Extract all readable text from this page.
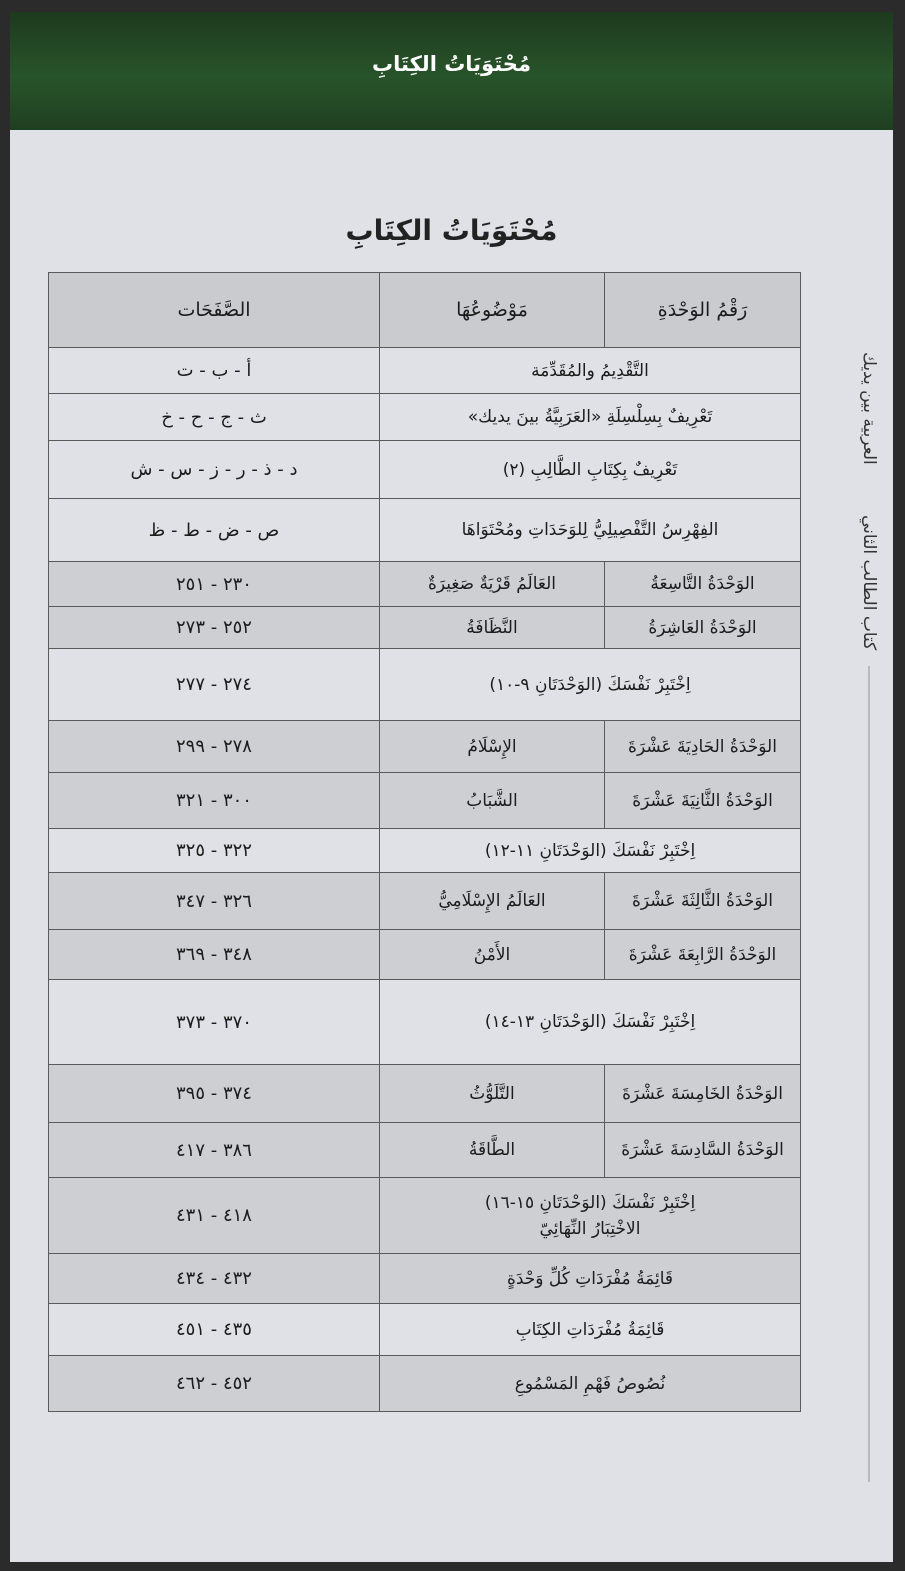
مُحْتَوَيَاتُ الكِتَابِ
مُحْتَوَيَاتُ الكِتَابِ
العربية بين يديك
كتاب الطالب الثاني
رَقْمُ الوَحْدَةِ	مَوْضُوعُهَا	الصَّفَحَات
التَّقْدِيمُ والمُقَدِّمَة		أ - ب - ت
تَعْرِيفٌ بِسِلْسِلَةِ «العَرَبِيَّةُ بينَ يديك»		ث - ج - ح - خ
تَعْرِيفٌ بِكِتَابِ الطَّالِبِ (٢)		د - ذ - ر - ز - س - ش
الفِهْرِسُ التَّفْصِيلِيُّ لِلوَحَدَاتِ ومُحْتَوَاهَا		ص - ض - ط - ظ
الوَحْدَةُ التَّاسِعَةُ	العَالَمُ قَرْيَةٌ صَغِيرَةٌ	٢٣٠ - ٢٥١
الوَحْدَةُ العَاشِرَةُ	النَّظَافَةُ	٢٥٢ - ٢٧٣
اِخْتَبِرْ نَفْسَكَ (الوَحْدَتَانِ ٩-١٠)		٢٧٤ - ٢٧٧
الوَحْدَةُ الحَادِيَةَ عَشْرَةَ	الإِسْلَامُ	٢٧٨ - ٢٩٩
الوَحْدَةُ الثَّانِيَةَ عَشْرَةَ	الشَّبَابُ	٣٠٠ - ٣٢١
اِخْتَبِرْ نَفْسَكَ (الوَحْدَتَانِ ١١-١٢)		٣٢٢ - ٣٢٥
الوَحْدَةُ الثَّالِثَةَ عَشْرَةَ	العَالَمُ الإِسْلَامِيُّ	٣٢٦ - ٣٤٧
الوَحْدَةُ الرَّابِعَةَ عَشْرَةَ	الأَمْنُ	٣٤٨ - ٣٦٩
اِخْتَبِرْ نَفْسَكَ (الوَحْدَتَانِ ١٣-١٤)		٣٧٠ - ٣٧٣
الوَحْدَةُ الخَامِسَةَ عَشْرَةَ	التَّلَوُّثُ	٣٧٤ - ٣٩٥
الوَحْدَةُ السَّادِسَةَ عَشْرَةَ	الطَّاقَةُ	٣٨٦ - ٤١٧
اِخْتَبِرْ نَفْسَكَ (الوَحْدَتَانِ ١٥-١٦)
الاخْتِبَارُ النِّهَائِيّ		٤١٨ - ٤٣١
قَائِمَةُ مُفْرَدَاتِ كُلِّ وَحْدَةٍ		٤٣٢ - ٤٣٤
قَائِمَةُ مُفْرَدَاتِ الكِتَابِ		٤٣٥ - ٤٥١
نُصُوصُ فَهْمِ المَسْمُوعِ		٤٥٢ - ٤٦٢
